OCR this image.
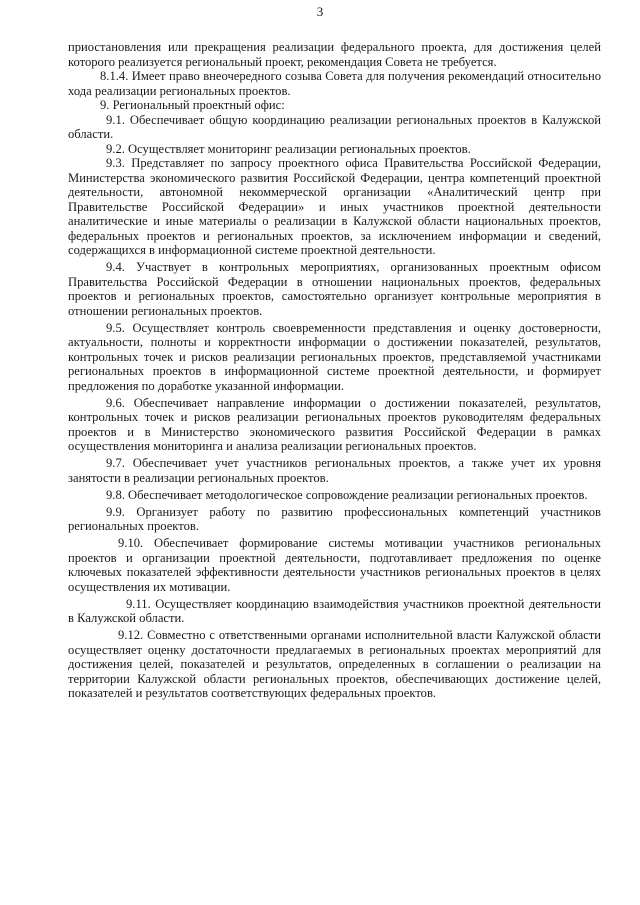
3

приостановления или прекращения реализации федерального проекта, для достижения целей которого реализуется региональный проект, рекомендация Совета не требуется.

8.1.4. Имеет право внеочередного созыва Совета для получения рекомендаций относительно хода реализации региональных проектов.

9. Региональный проектный офис:

9.1. Обеспечивает общую координацию реализации региональных проектов в Калужской области.

9.2. Осуществляет мониторинг реализации региональных проектов.

9.3. Представляет по запросу проектного офиса Правительства Российской Федерации, Министерства экономического развития Российской Федерации, центра компетенций проектной деятельности, автономной некоммерческой организации «Аналитический центр при Правительстве Российской Федерации» и иных участников проектной деятельности аналитические и иные материалы о реализации в Калужской области национальных проектов, федеральных проектов и региональных проектов, за исключением информации и сведений, содержащихся в информационной системе проектной деятельности.

9.4. Участвует в контрольных мероприятиях, организованных проектным офисом Правительства Российской Федерации в отношении национальных проектов, федеральных проектов и региональных проектов, самостоятельно организует контрольные мероприятия в отношении региональных проектов.

9.5. Осуществляет контроль своевременности представления и оценку достоверности, актуальности, полноты и корректности информации о достижении показателей, результатов, контрольных точек и рисков реализации региональных проектов, представляемой участниками региональных проектов в информационной системе проектной деятельности, и формирует предложения по доработке указанной информации.

9.6. Обеспечивает направление информации о достижении показателей, результатов, контрольных точек и рисков реализации региональных проектов руководителям федеральных проектов и в Министерство экономического развития Российской Федерации в рамках осуществления мониторинга и анализа реализации региональных проектов.

9.7. Обеспечивает учет участников региональных проектов, а также учет их уровня занятости в реализации региональных проектов.

9.8. Обеспечивает методологическое сопровождение реализации региональных проектов.

9.9. Организует работу по развитию профессиональных компетенций участников региональных проектов.

9.10. Обеспечивает формирование системы мотивации участников региональных проектов и организации проектной деятельности, подготавливает предложения по оценке ключевых показателей эффективности деятельности участников региональных проектов в целях осуществления их мотивации.

9.11. Осуществляет координацию взаимодействия участников проектной деятельности в Калужской области.

9.12. Совместно с ответственными органами исполнительной власти Калужской области осуществляет оценку достаточности предлагаемых в региональных проектах мероприятий для достижения целей, показателей и результатов, определенных в соглашении о реализации на территории Калужской области региональных проектов, обеспечивающих достижение целей, показателей и результатов соответствующих федеральных проектов.
